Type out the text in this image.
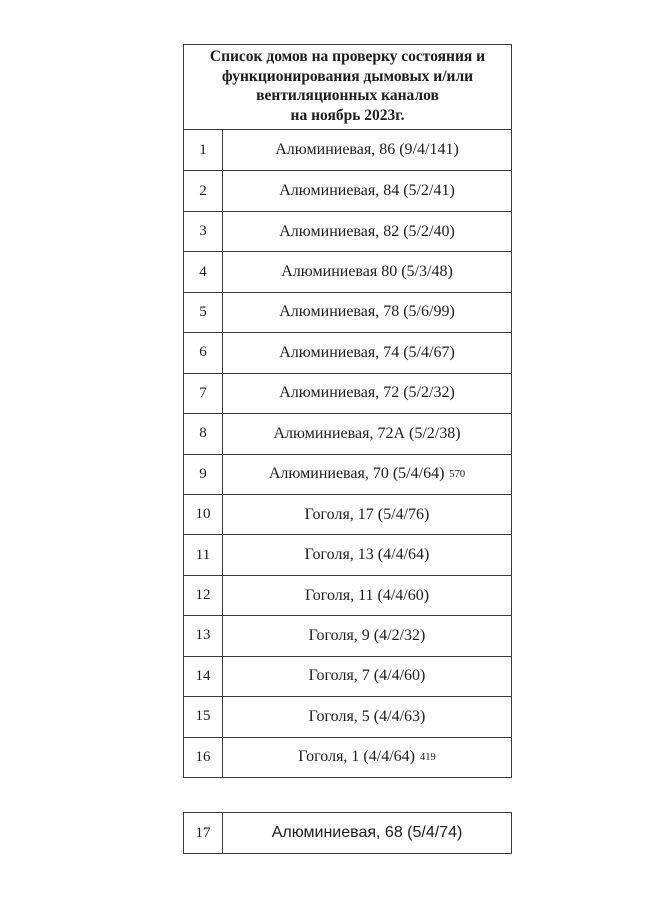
Список домов на проверку состояния и
функционирования дымовых и/или
вентиляционных каналов
на ноябрь 2023г.
1	Алюминиевая, 86 (9/4/141)
2	Алюминиевая, 84 (5/2/41)
3	Алюминиевая, 82 (5/2/40)
4	Алюминиевая 80 (5/3/48)
5	Алюминиевая, 78 (5/6/99)
6	Алюминиевая, 74 (5/4/67)
7	Алюминиевая, 72 (5/2/32)
8	Алюминиевая, 72А (5/2/38)
9	Алюминиевая, 70 (5/4/64) 570
10	Гоголя, 17 (5/4/76)
11	Гоголя, 13 (4/4/64)
12	Гоголя, 11 (4/4/60)
13	Гоголя, 9 (4/2/32)
14	Гоголя, 7 (4/4/60)
15	Гоголя, 5 (4/4/63)
16	Гоголя, 1 (4/4/64) 419
17	Алюминиевая, 68 (5/4/74)
